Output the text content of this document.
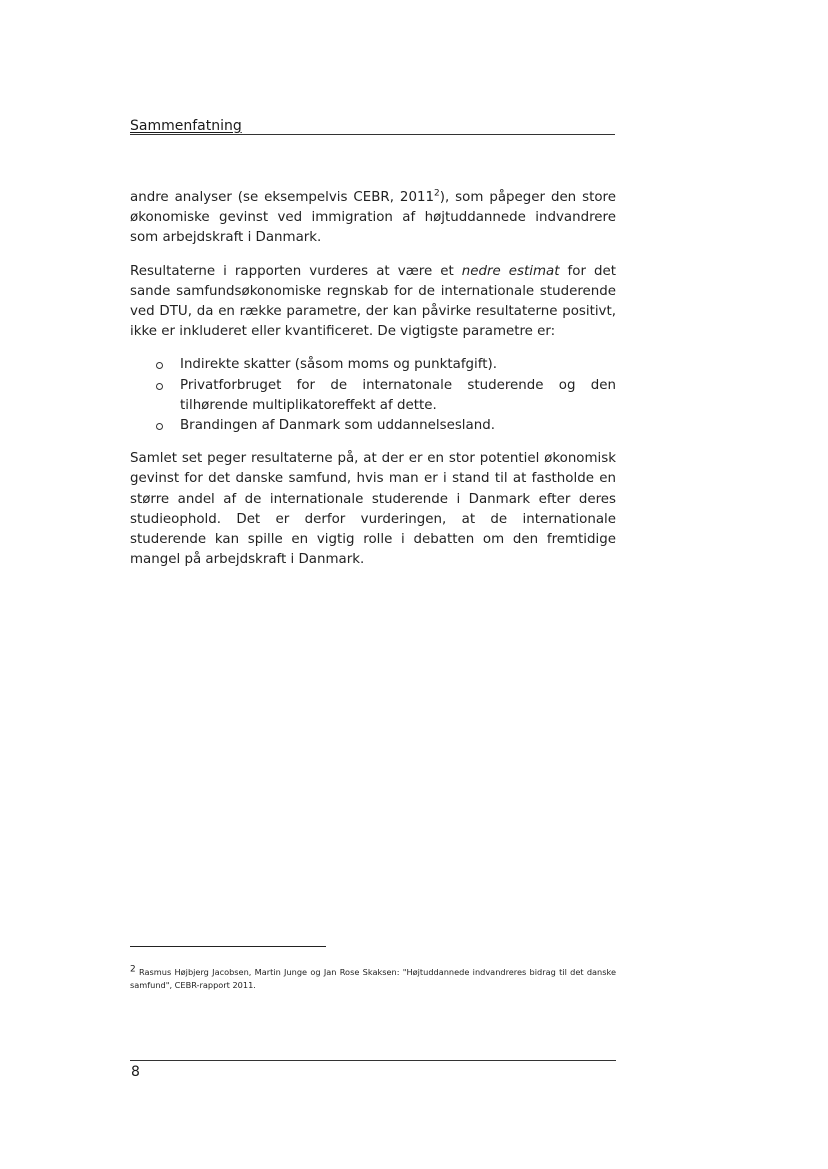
Sammenfatning

andre analyser (se eksempelvis CEBR, 2011$^2$), som påpeger den store økonomiske gevinst ved immigration af højtuddannede indvandrere som arbejdskraft i Danmark.

Resultaterne i rapporten vurderes at være et nedre estimat for det sande samfundsøkonomiske regnskab for de internationale studerende ved DTU, da en række parametre, der kan påvirke resultaterne positivt, ikke er inkluderet eller kvantificeret. De vigtigste parametre er:

Indirekte skatter (såsom moms og punktafgift).
Privatforbruget for de internatonale studerende og den tilhørende multiplikatoreffekt af dette.
Brandingen af Danmark som uddannelsesland.

Samlet set peger resultaterne på, at der er en stor potentiel økonomisk gevinst for det danske samfund, hvis man er i stand til at fastholde en større andel af de internationale studerende i Danmark efter deres studieophold. Det er derfor vurderingen, at de internationale studerende kan spille en vigtig rolle i debatten om den fremtidige mangel på arbejdskraft i Danmark.

$^2$ Rasmus Højbjerg Jacobsen, Martin Junge og Jan Rose Skaksen: "Højtuddannede indvandreres bidrag til det danske samfund", CEBR-rapport 2011.
8
